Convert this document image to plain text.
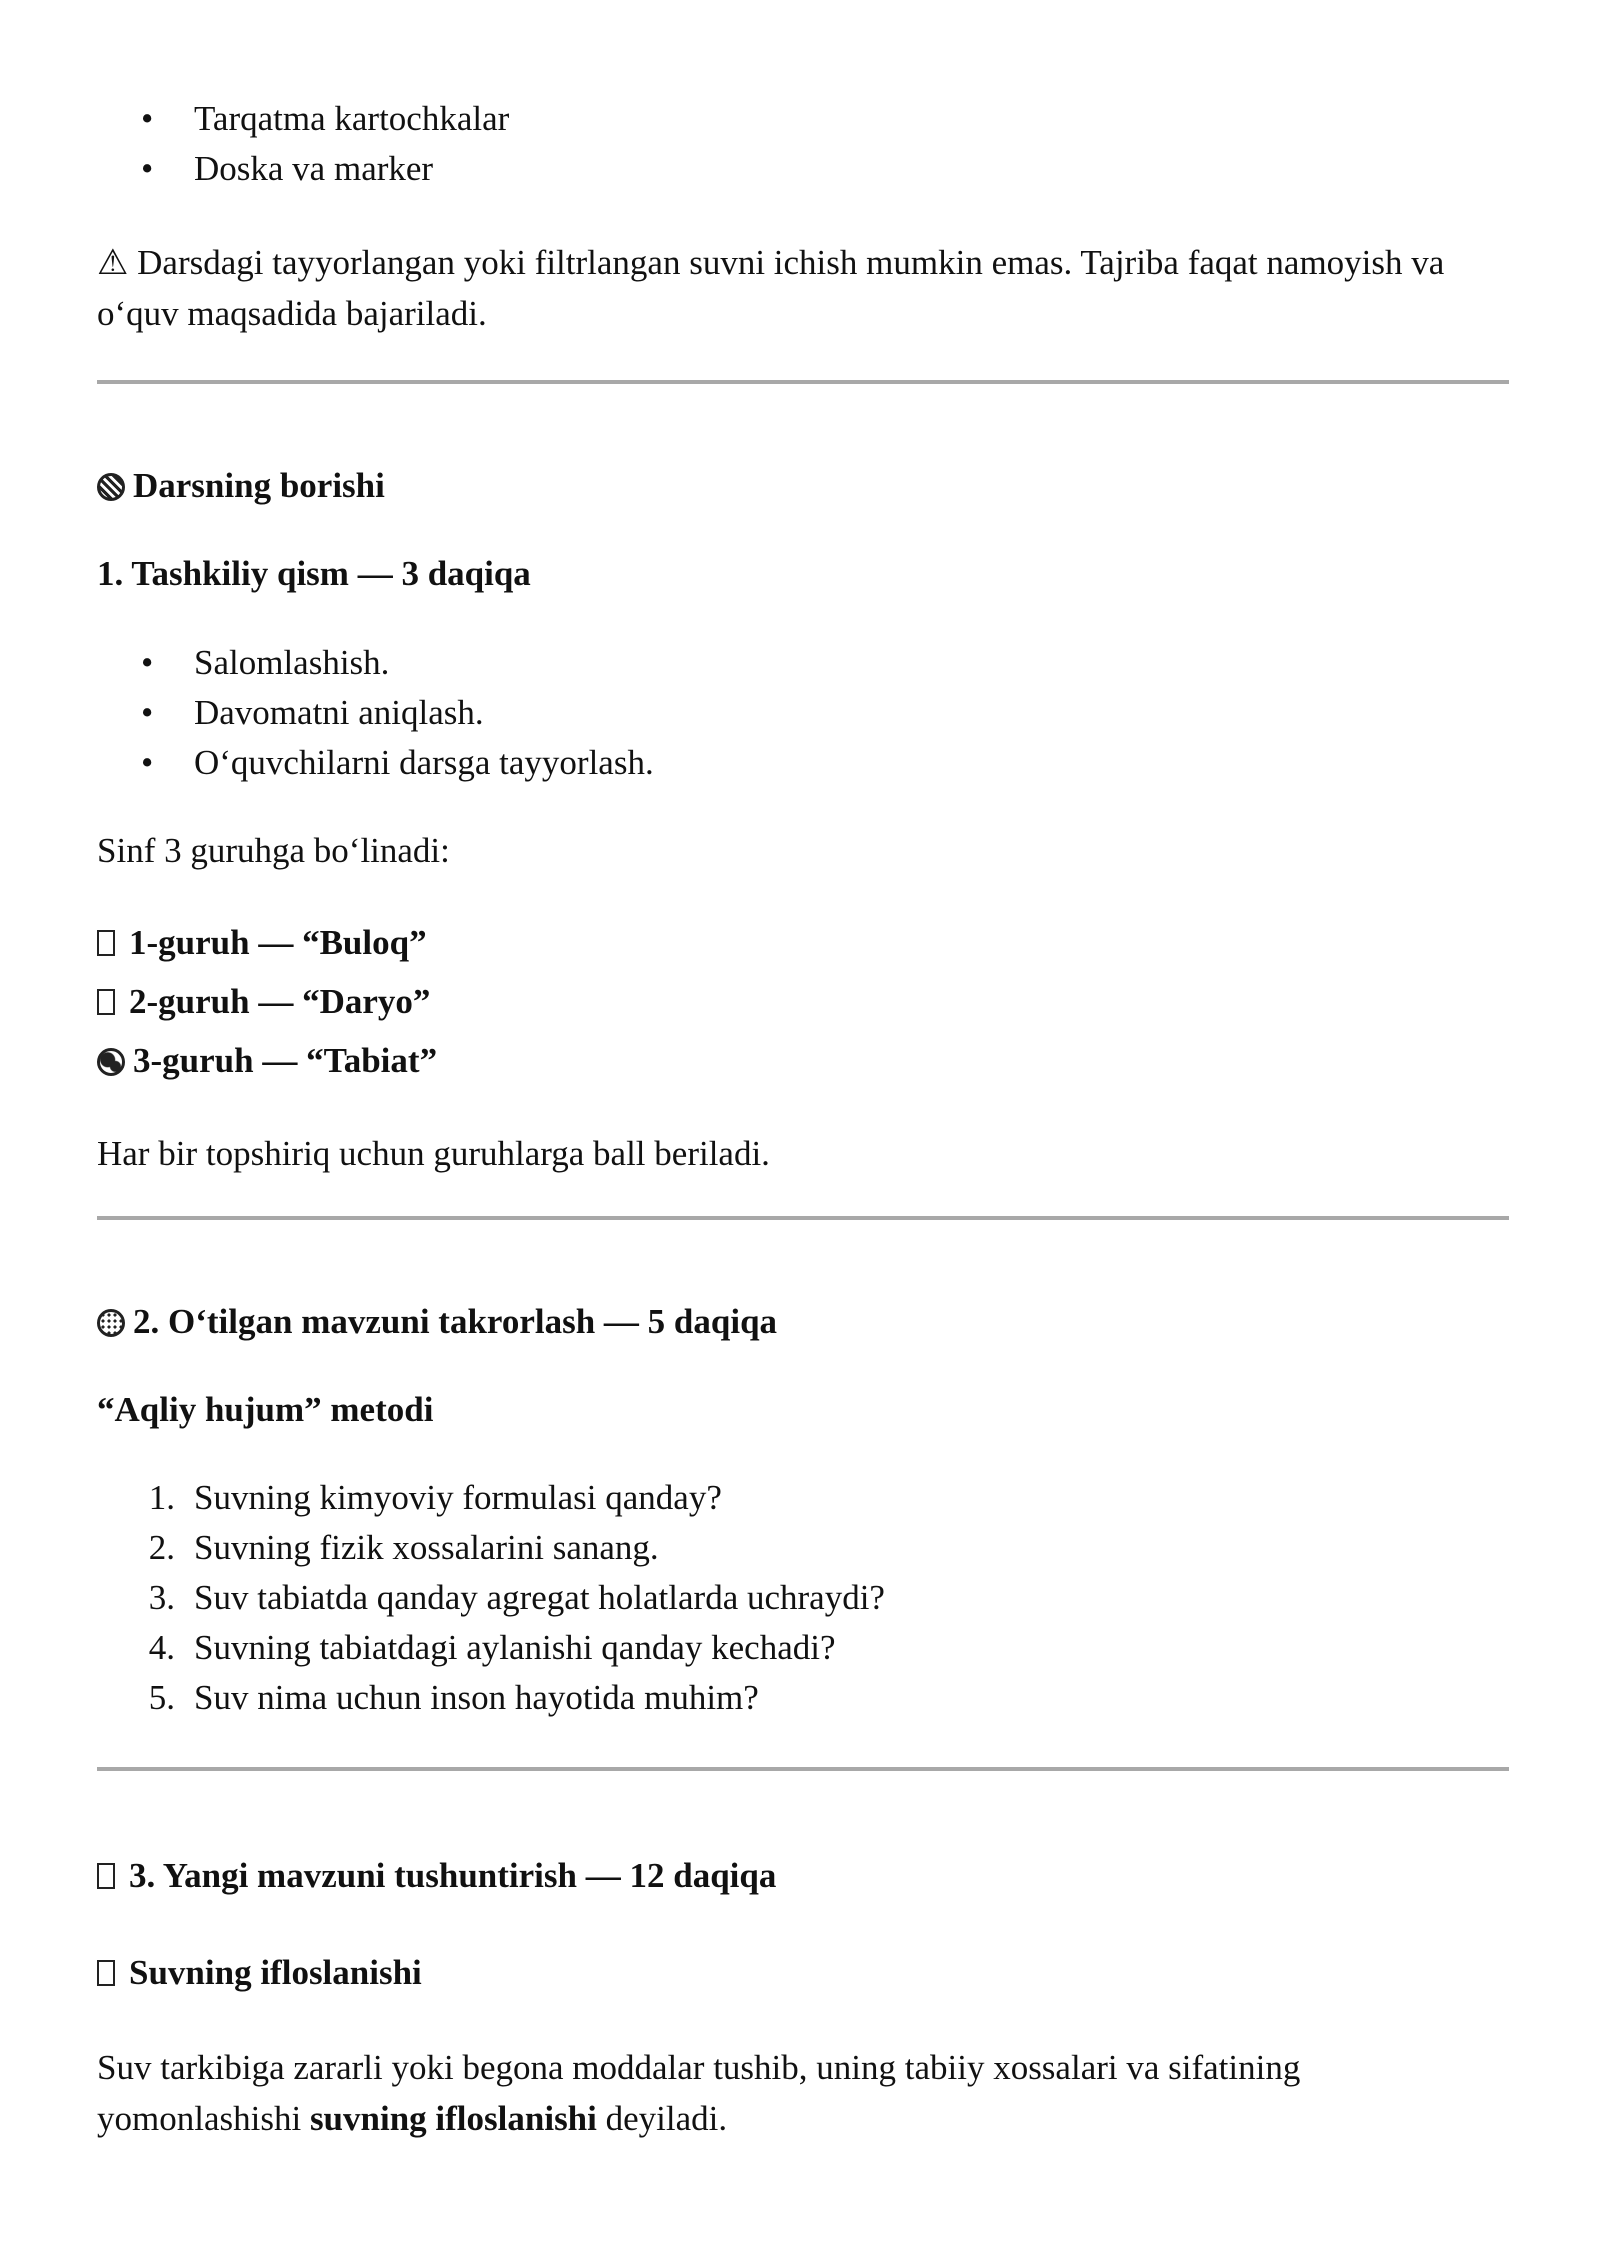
• Tarqatma kartochkalar
• Doska va marker
⚠ Darsdagi tayyorlangan yoki filtrlangan suvni ichish mumkin emas. Tajriba faqat namoyish va o‘quv maqsadida bajariladi.
Darsning borishi
1. Tashkiliy qism — 3 daqiqa
• Salomlashish.
• Davomatni aniqlash.
• O‘quvchilarni darsga tayyorlash.
Sinf 3 guruhga bo‘linadi:
1-guruh — “Buloq”
2-guruh — “Daryo”
3-guruh — “Tabiat”
Har bir topshiriq uchun guruhlarga ball beriladi.
2. O‘tilgan mavzuni takrorlash — 5 daqiqa
“Aqliy hujum” metodi
1. Suvning kimyoviy formulasi qanday?
2. Suvning fizik xossalarini sanang.
3. Suv tabiatda qanday agregat holatlarda uchraydi?
4. Suvning tabiatdagi aylanishi qanday kechadi?
5. Suv nima uchun inson hayotida muhim?
3. Yangi mavzuni tushuntirish — 12 daqiqa
Suvning ifloslanishi
Suv tarkibiga zararli yoki begona moddalar tushib, uning tabiiy xossalari va sifatining yomonlashishi suvning ifloslanishi deyiladi.
